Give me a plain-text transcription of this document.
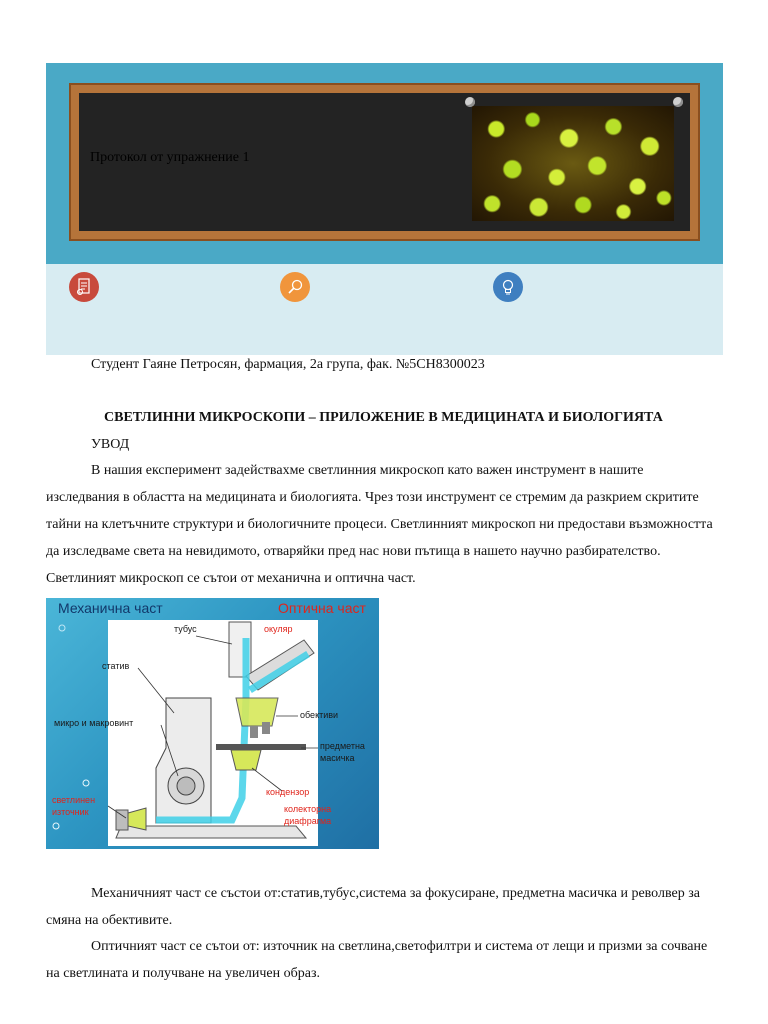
Протокол от упражнение 1
Студент Гаяне Петросян, фармация, 2а група, фак. №5CH8300023
СВЕТЛИННИ МИКРОСКОПИ – ПРИЛОЖЕНИЕ В МЕДИЦИНАТА И БИОЛОГИЯТА
УВОД

В нашия експеримент задействахме светлинния микроскоп като важен инструмент в нашите изследвания в областта на медицината и биологията. Чрез този инструмент се стремим да разкрием скритите тайни на клетъчните структури и биологичните процеси. Светлинният микроскоп ни предостави възможността да изследваме света на невидимото, отваряйки пред нас нови пътища в нашето научно разбирателство. Светлиният микроскоп се сътои от механична и оптична част.

Механична част	Оптична част
тубус	окуляр
статив
микро и макровинт
обективи
предметна
масичка
кондензор
колекторна
диафрагма
светлинен
източник

Механичният част се състои от:статив,тубус,система за фокусиране, предметна масичка и револвер за смяна на обективите.

Оптичният част се сътои от: източник на светлина,светофилтри и система от лещи и призми за сочване на светлината и получване на увеличен образ.
